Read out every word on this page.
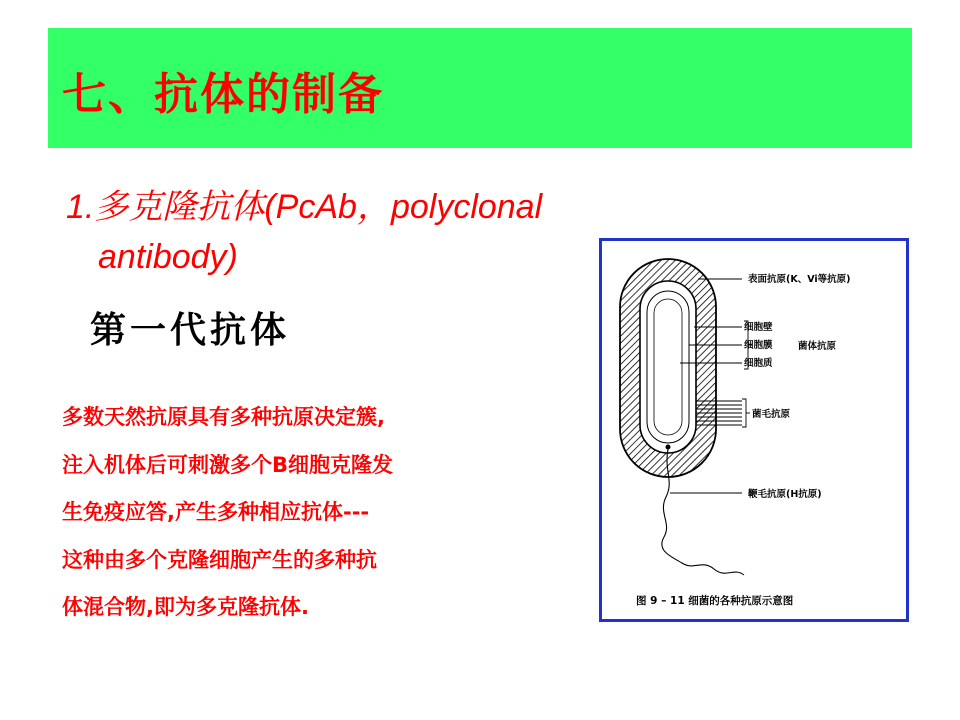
七、抗体的制备
1.多克隆抗体(PcAb，polyclonal
antibody)
第一代抗体
多数天然抗原具有多种抗原决定簇,
注入机体后可刺激多个B细胞克隆发
生免疫应答,产生多种相应抗体---
这种由多个克隆细胞产生的多种抗
体混合物,即为多克隆抗体.
表面抗原(K、Vi等抗原)
细胞壁
细胞膜
细胞质
菌体抗原
菌毛抗原
鞭毛抗原(H抗原)
图 9 – 11 细菌的各种抗原示意图
